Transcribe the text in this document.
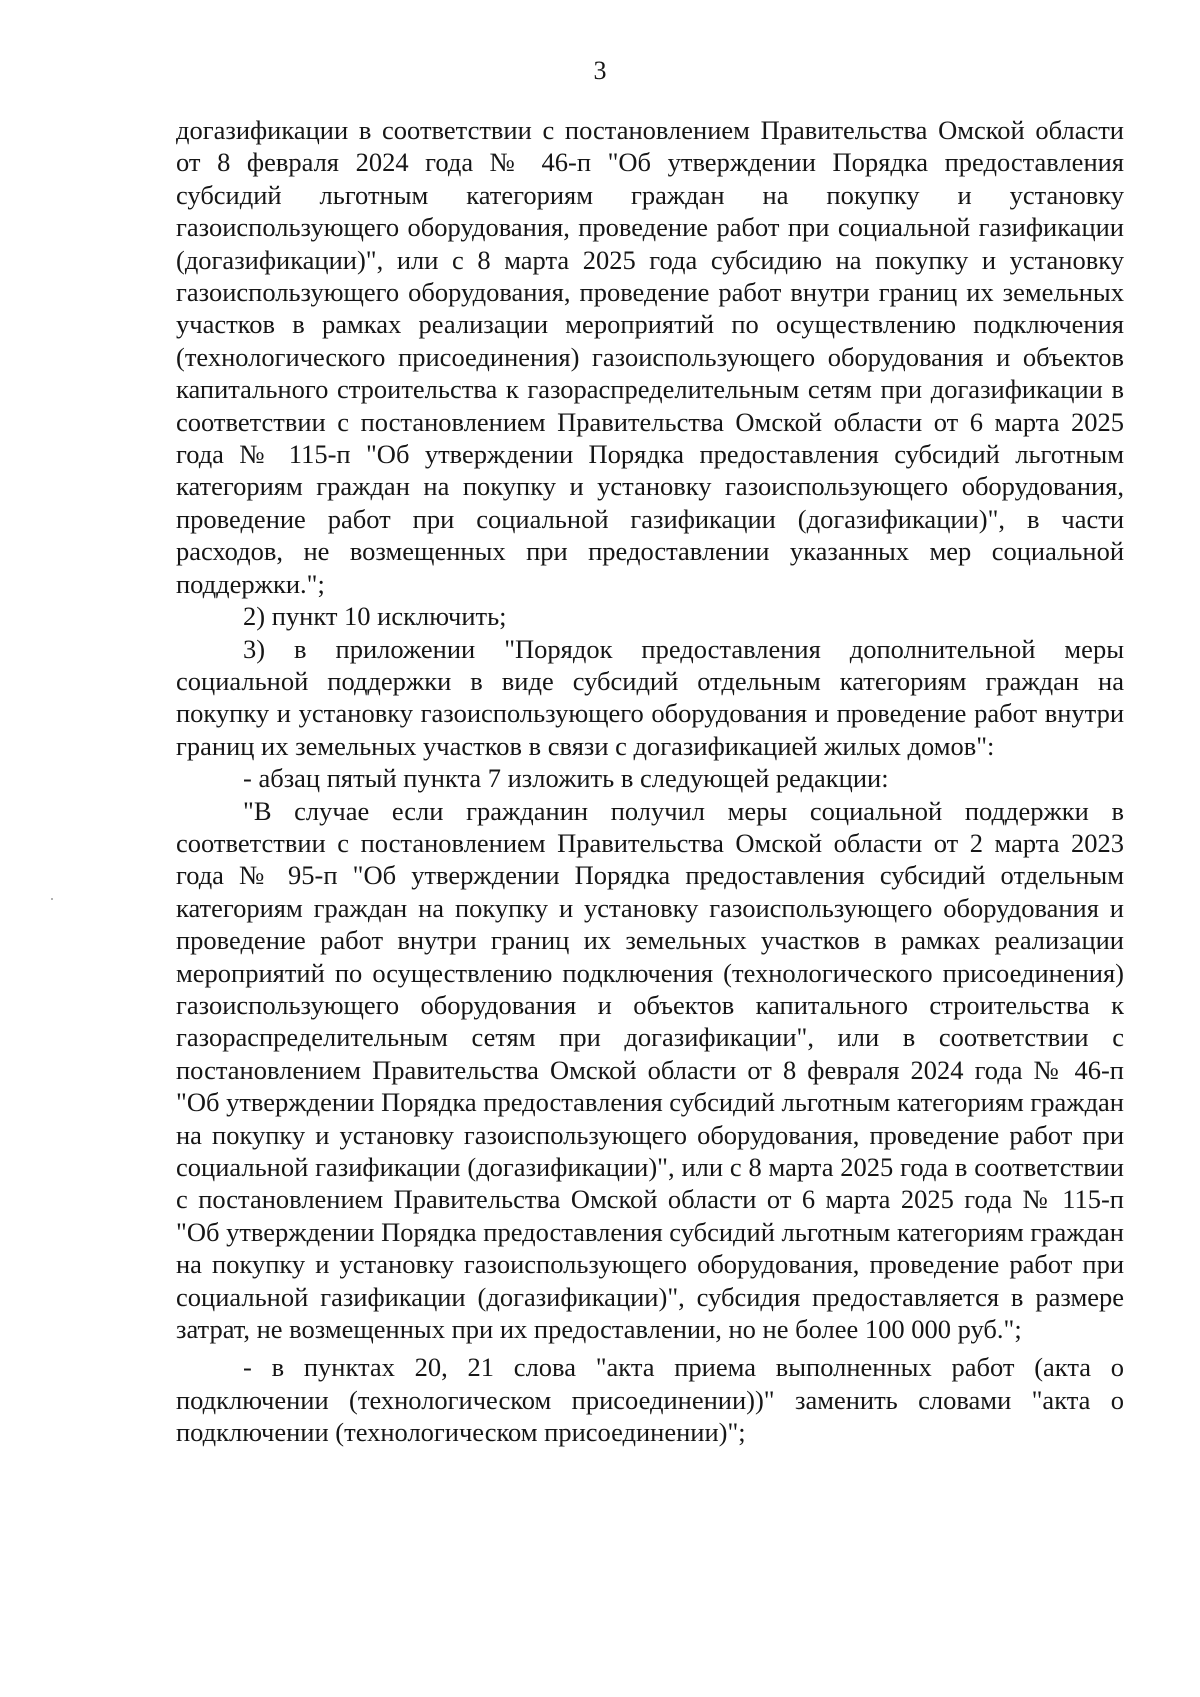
3

догазификации в соответствии с постановлением Правительства Омской области от 8 февраля 2024 года № 46-п "Об утверждении Порядка предоставления субсидий льготным категориям граждан на покупку и установку газоиспользующего оборудования, проведение работ при социальной газификации (догазификации)", или с 8 марта 2025 года субсидию на покупку и установку газоиспользующего оборудования, проведение работ внутри границ их земельных участков в рамках реализации мероприятий по осуществлению подключения (технологического присоединения) газоиспользующего оборудования и объектов капитального строительства к газораспределительным сетям при догазификации в соответствии с постановлением Правительства Омской области от 6 марта 2025 года № 115-п "Об утверждении Порядка предоставления субсидий льготным категориям граждан на покупку и установку газоиспользующего оборудования, проведение работ при социальной газификации (догазификации)", в части расходов, не возмещенных при предоставлении указанных мер социальной поддержки.";

2) пункт 10 исключить;

3) в приложении "Порядок предоставления дополнительной меры социальной поддержки в виде субсидий отдельным категориям граждан на покупку и установку газоиспользующего оборудования и проведение работ внутри границ их земельных участков в связи с догазификацией жилых домов":

- абзац пятый пункта 7 изложить в следующей редакции:

"В случае если гражданин получил меры социальной поддержки в соответствии с постановлением Правительства Омской области от 2 марта 2023 года № 95-п "Об утверждении Порядка предоставления субсидий отдельным категориям граждан на покупку и установку газоиспользующего оборудования и проведение работ внутри границ их земельных участков в рамках реализации мероприятий по осуществлению подключения (технологического присоединения) газоиспользующего оборудования и объектов капитального строительства к газораспределительным сетям при догазификации", или в соответствии с постановлением Правительства Омской области от 8 февраля 2024 года № 46-п "Об утверждении Порядка предоставления субсидий льготным категориям граждан на покупку и установку газоиспользующего оборудования, проведение работ при социальной газификации (догазификации)", или с 8 марта 2025 года в соответствии с постановлением Правительства Омской области от 6 марта 2025 года № 115-п "Об утверждении Порядка предоставления субсидий льготным категориям граждан на покупку и установку газоиспользующего оборудования, проведение работ при социальной газификации (догазификации)", субсидия предоставляется в размере затрат, не возмещенных при их предоставлении, но не более 100 000 руб.";

- в пунктах 20, 21 слова "акта приема выполненных работ (акта о подключении (технологическом присоединении))" заменить словами "акта о подключении (технологическом присоединении)";
